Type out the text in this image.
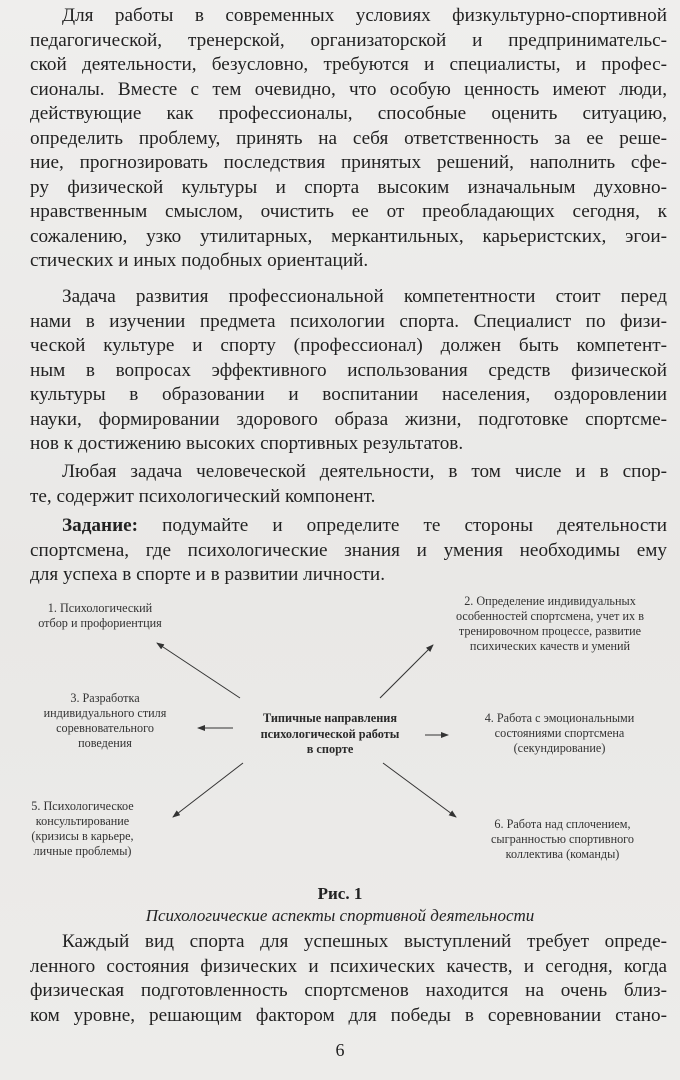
Для работы в современных условиях физкультурно-спортивной
педагогической, тренерской, организаторской и предпринимательс-
ской деятельности, безусловно, требуются и специалисты, и профес-
сионалы. Вместе с тем очевидно, что особую ценность имеют люди,
действующие как профессионалы, способные оценить ситуацию,
определить проблему, принять на себя ответственность за ее реше-
ние, прогнозировать последствия принятых решений, наполнить сфе-
ру физической культуры и спорта высоким изначальным духовно-
нравственным смыслом, очистить ее от преобладающих сегодня, к
сожалению, узко утилитарных, меркантильных, карьеристских, эгои-
стических и иных подобных ориентаций.
Задача развития профессиональной компетентности стоит перед
нами в изучении предмета психологии спорта. Специалист по физи-
ческой культуре и спорту (профессионал) должен быть компетент-
ным в вопросах эффективного использования средств физической
культуры в образовании и воспитании населения, оздоровлении
науки, формировании здорового образа жизни, подготовке спортсме-
нов к достижению высоких спортивных результатов.
Любая задача человеческой деятельности, в том числе и в спор-
те, содержит психологический компонент.
Задание: подумайте и определите те стороны деятельности
спортсмена, где психологические знания и умения необходимы ему
для успеха в спорте и в развитии личности.
Типичные направления
психологической работы
в спорте
1. Психологический
отбор и профориентция
2. Определение индивидуальных
особенностей спортсмена, учет их в
тренировочном процессе, развитие
психических качеств и умений
3. Разработка
индивидуального стиля
соревновательного
поведения
4. Работа с эмоциональными
состояниями спортсмена
(секундирование)
5. Психологическое
консультирование
(кризисы в карьере,
личные проблемы)
6. Работа над сплочением,
сыгранностью спортивного
коллектива (команды)
Рис. 1
Психологические аспекты спортивной деятельности
Каждый вид спорта для успешных выступлений требует опреде-
ленного состояния физических и психических качеств, и сегодня, когда
физическая подготовленность спортсменов находится на очень близ-
ком уровне, решающим фактором для победы в соревновании стано-
6
